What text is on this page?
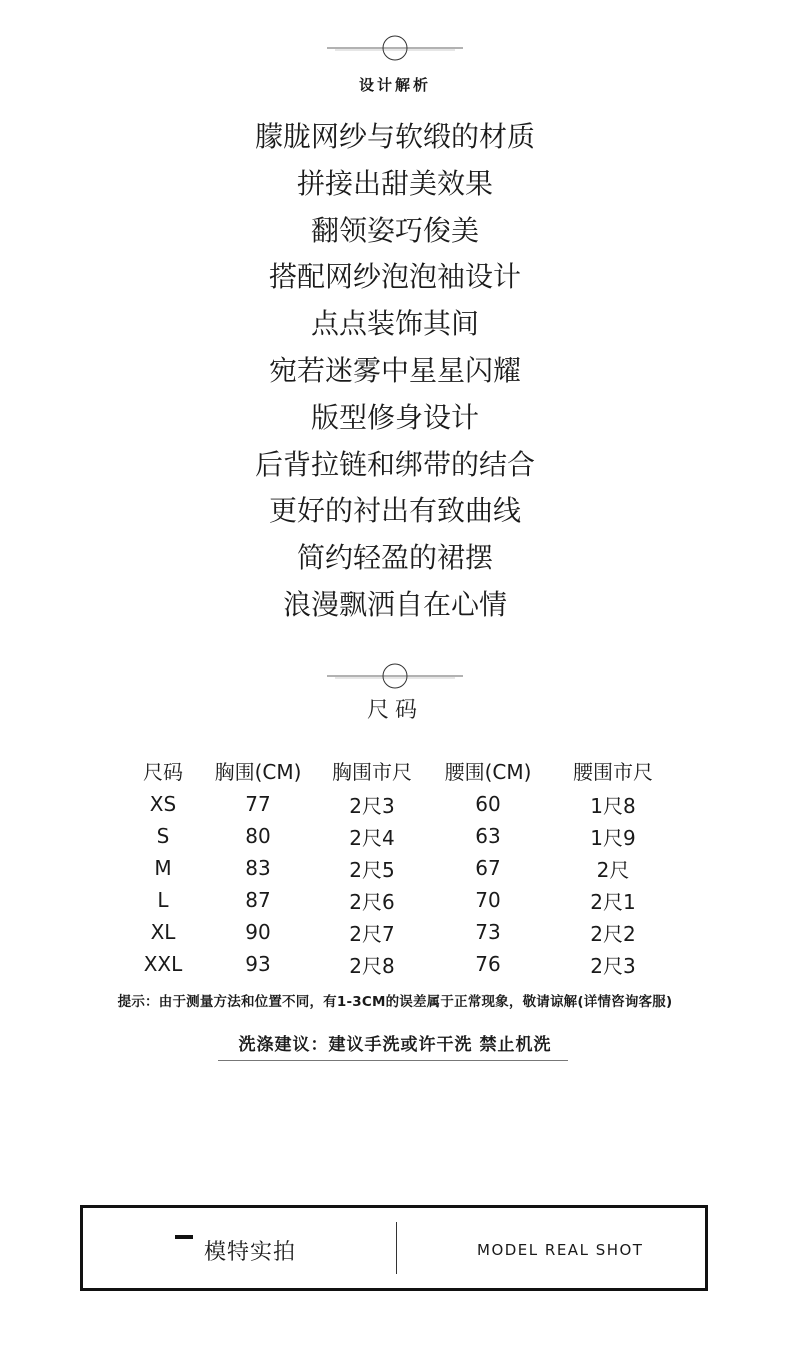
设计解析
朦胧网纱与软缎的材质
拼接出甜美效果
翻领姿巧俊美
搭配网纱泡泡袖设计
点点装饰其间
宛若迷雾中星星闪耀
版型修身设计
后背拉链和绑带的结合
更好的衬出有致曲线
简约轻盈的裙摆
浪漫飘洒自在心情
尺码
尺码	胸围(CM)	胸围市尺	腰围(CM)	腰围市尺
XS	77	2尺3	60	1尺8
S	80	2尺4	63	1尺9
M	83	2尺5	67	2尺
L	87	2尺6	70	2尺1
XL	90	2尺7	73	2尺2
XXL	93	2尺8	76	2尺3
提示：由于测量方法和位置不同，有1-3CM的误差属于正常现象，敬请谅解(详情咨询客服)
洗涤建议：建议手洗或许干洗 禁止机洗
模特实拍	MODEL REAL SHOT
